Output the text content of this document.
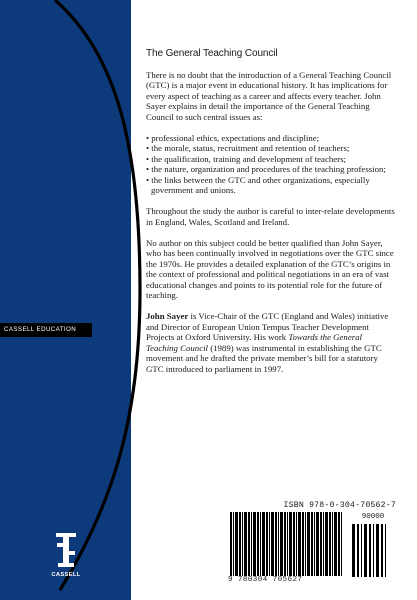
CASSELL EDUCATION
CASSELL
The General Teaching Council

There is no doubt that the introduction of a General Teaching Council (GTC) is a major event in educational history. It has implications for every aspect of teaching as a career and affects every teacher. John Sayer explains in detail the importance of the General Teaching Council to such central issues as:

• professional ethics, expectations and discipline;
• the morale, status, recruitment and retention of teachers;
• the qualification, training and development of teachers;
• the nature, organization and procedures of the teaching profession;
• the links between the GTC and other organizations, especially government and unions.

Throughout the study the author is careful to inter-relate developments in England, Wales, Scotland and Ireland.

No author on this subject could be better qualified than John Sayer, who has been continually involved in negotiations over the GTC since the 1970s. He provides a detailed explanation of the GTC’s origins in the context of professional and political negotiations in an era of vast educational changes and points to its potential role for the future of teaching.

John Sayer is Vice-Chair of the GTC (England and Wales) initiative and Director of European Union Tempus Teacher Development Projects at Oxford University. His work Towards the General Teaching Council (1989) was instrumental in establishing the GTC movement and he drafted the private member’s bill for a statutory GTC introduced to parliament in 1997.

ISBN 978-0-304-70562-7
90000
9 780304 705627
